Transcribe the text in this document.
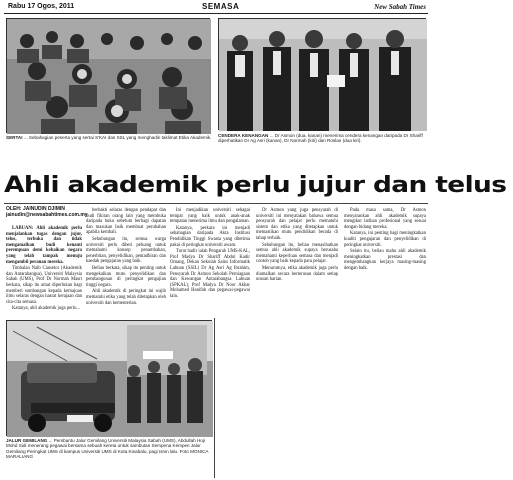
Rabu 17 Ogos, 2011	SEMASA	New Sabah Times
SERTAI ... Sebahagian peserta yang sertai S'KAI dan SSL yang menghadiri taklimat Etika Akademik. CENDERA KENANGAN ... Dr Asmon (dua, kanan) menerima cendera kenangan daripada Dr Shariff diperhatikan Dr Ag Asri (kanan), Dr Normah (kiri) dan Roslan (dua kiri).
Ahli akademik perlu jujur dan telus
OLEH: JAINUDIN DJIMIN jainudin@newsabahtimes.com.my

LABUAN: Ahli akademik perlu menjalankan tugas dengan jujur, telus, terbuka dan tidak mengamalkan budi kenanti perempuan demi kebaikan negara yang telah tampak menuju mengambil peranan mereka.

Timbalan Naib Canselor (Akademik dan Antarabangsa), Universiti Malaysia Sabah (UMS), Prof Dr Normah Masri berkata, sikap itu amat diperlukan bagi memberi sumbangan kepada kemajuan ilmu selaras dengan hasrat kerajaan dan cita-cita semasa.

Katanya, ahli akademik juga perlu...

berbakti selaras dengan pendapat dan budi fikiran orang lain yang membuka daripada buku sebelum berbagi dapatan dan masukan baik membuat perubahan apabila kembali.

Sehubungan itu, semua warga universiti perlu diberi peluang untuk memahami konsep penambahan, penerbitan, penyelidikan, pentadbiran dan kaedah pengajaran yang baik.

Beliau berkata, sikap itu penting untuk mengekalkan mutu penyelidikan dan pembangunan di peringkat pengajian tinggi negara.

Ahli akademik di peringkat ini wajib mematuhi etika yang telah ditetapkan oleh universiti dan kementerian.

Ini menjadikan universiti sebagai tempat yang baik untuk anak-anak tempatan menerima ilmu dan pengalaman.

Katanya, perkara ini menjadi sebahagian daripada Akta Institusi Pendidikan Tinggi Swasta yang diterima pakai di peringkat universiti awam.

Turut hadir ialah Pengarah UMS-KAL, Prof Madya Dr Shariff Abdul Kadir Omang, Dekan Sekolah Sains Informatik Labuan (SSIL) Dr Ag Asri Ag Ibrahim, Pensyarah Dr Asmon Sekolah Perniagaan dan Kewangan Antarabangsa Labuan (SPKAL), Prof Madya Dr Noor Akbar Mohamed Hanifah dan pegawai-pegawai lain.

Dr Asmon yang juga pensyarah di universiti ini menyatakan bahawa semua pensyarah dan pelajar perlu mematuhi sistem dan etika yang ditetapkan untuk memastikan mutu pendidikan berada di tahap terbaik.

Sehubungan itu, beliau menasihatkan semua ahli akademik supaya berusaha memahami keperluan semasa dan menjadi contoh yang baik kepada para pelajar.

Menurutnya, etika akademik juga perlu diamalkan secara berterusan dalam setiap urusan harian.

Pada masa sama, Dr Asmon menyarankan ahli akademik supaya mengikut latihan profesional yang sesuai dengan bidang mereka.

Katanya, ini penting bagi meningkatkan kualiti pengajaran dan penyelidikan di peringkat universiti.

Selain itu, beliau mahu ahli akademik meningkatkan prestasi dan mengembangkan kerjaya masing-masing dengan baik.

JALUR GEMILANG ... Pembantu Jalur Gemilang Universiti Malaysia Sabah (UMS), Abdullah Hoji Mohd Sidi menerang pegawai bersama sebuah kereta untuk sambutan Sempena Kempen Jalur Gemilang Peringkat UMS di kampus Universiti UMS di Kota Kinabalu, pagi Isnin lalu. Foto MONICA MARALIANG
